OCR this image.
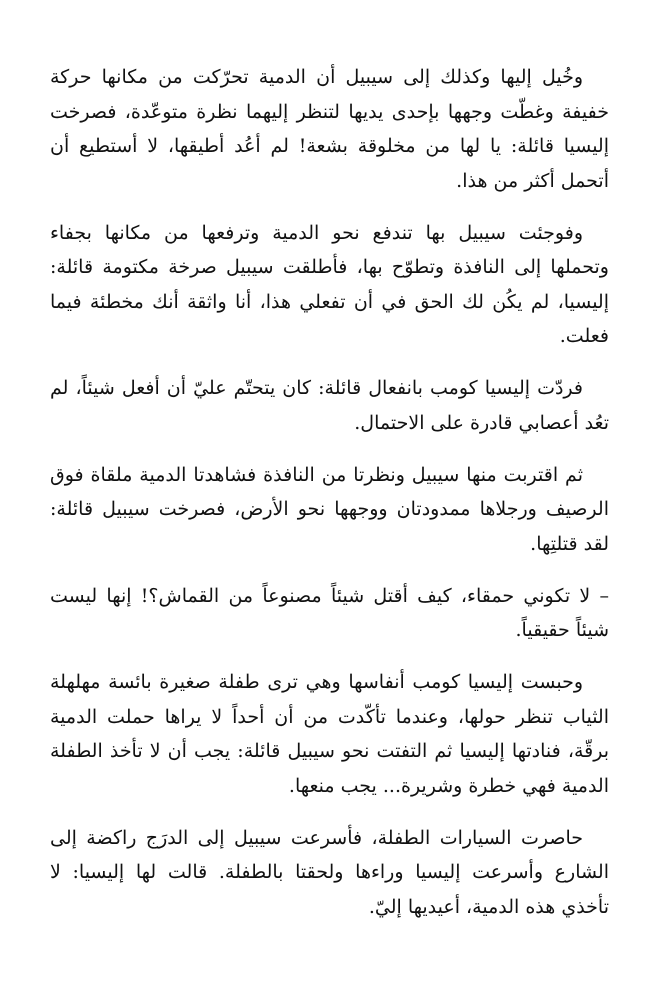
وخُيل إليها وكذلك إلى سيبيل أن الدمية تحرّكت من مكانها حركة خفيفة وغطّت وجهها بإحدى يديها لتنظر إليهما نظرة متوعّدة، فصرخت إليسيا قائلة: يا لها من مخلوقة بشعة! لم أعُد أطيقها، لا أستطيع أن أتحمل أكثر من هذا.

وفوجئت سيبيل بها تندفع نحو الدمية وترفعها من مكانها بجفاء وتحملها إلى النافذة وتطوّح بها، فأطلقت سيبيل صرخة مكتومة قائلة: إليسيا، لم يكُن لك الحق في أن تفعلي هذا، أنا واثقة أنك مخطئة فيما فعلت.

فردّت إليسيا كومب بانفعال قائلة: كان يتحتّم عليّ أن أفعل شيئاً، لم تعُد أعصابي قادرة على الاحتمال.

ثم اقتربت منها سيبيل ونظرتا من النافذة فشاهدتا الدمية ملقاة فوق الرصيف ورجلاها ممدودتان ووجهها نحو الأرض، فصرخت سيبيل قائلة: لقد قتلتِها.

– لا تكوني حمقاء، كيف أقتل شيئاً مصنوعاً من القماش؟! إنها ليست شيئاً حقيقياً.

وحبست إليسيا كومب أنفاسها وهي ترى طفلة صغيرة بائسة مهلهلة الثياب تنظر حولها، وعندما تأكّدت من أن أحداً لا يراها حملت الدمية برقّة، فنادتها إليسيا ثم التفتت نحو سيبيل قائلة: يجب أن لا تأخذ الطفلة الدمية فهي خطرة وشريرة... يجب منعها.

حاصرت السيارات الطفلة، فأسرعت سيبيل إلى الدرَج راكضة إلى الشارع وأسرعت إليسيا وراءها ولحقتا بالطفلة. قالت لها إليسيا: لا تأخذي هذه الدمية، أعيديها إليّ.
